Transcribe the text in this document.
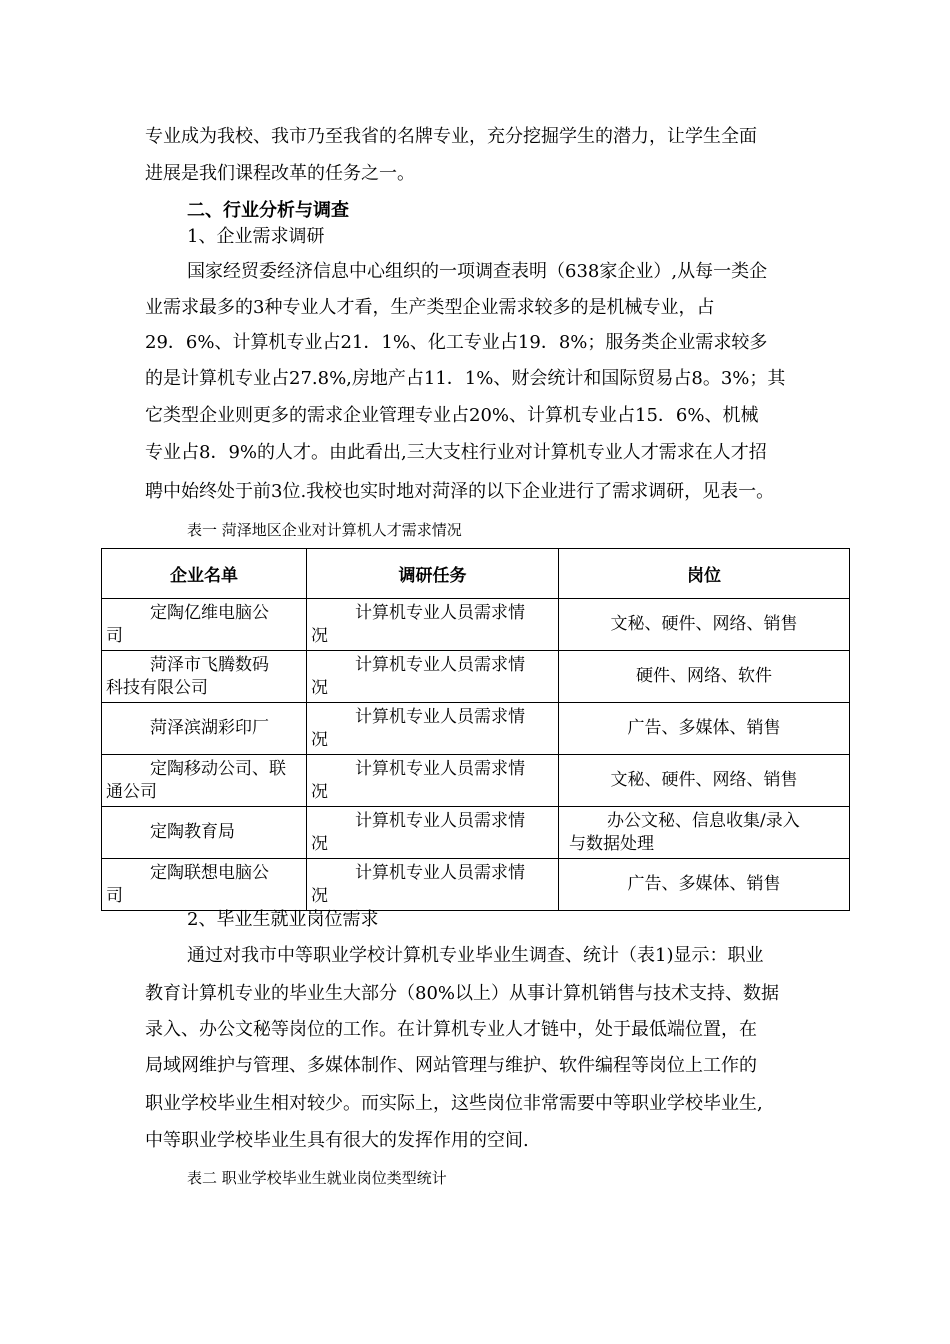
专业成为我校、我市乃至我省的名牌专业，充分挖掘学生的潜力，让学生全面
进展是我们课程改革的任务之一。
二、行业分析与调查
1、企业需求调研
国家经贸委经济信息中心组织的一项调查表明（638家企业）,从每一类企
业需求最多的3种专业人才看，生产类型企业需求较多的是机械专业，占
29．6%、计算机专业占21．1%、化工专业占19．8%；服务类企业需求较多
的是计算机专业占27.8%,房地产占11．1%、财会统计和国际贸易占8。3%；其
它类型企业则更多的需求企业管理专业占20%、计算机专业占15．6%、机械
专业占8．9%的人才。由此看出,三大支柱行业对计算机专业人才需求在人才招
聘中始终处于前3位.我校也实时地对菏泽的以下企业进行了需求调研，见表一。
表一 菏泽地区企业对计算机人才需求情况
企业名单	调研任务	岗位

定陶亿维电脑公
司	计算机专业人员需求情
况	文秘、硬件、网络、销售

菏泽市飞腾数码
科技有限公司	计算机专业人员需求情
况	硬件、网络、软件

菏泽滨湖彩印厂	计算机专业人员需求情
况	广告、多媒体、销售

定陶移动公司、联
通公司	计算机专业人员需求情
况	文秘、硬件、网络、销售

定陶教育局	计算机专业人员需求情
况	办公文秘、信息收集/录入
与数据处理

定陶联想电脑公
司	计算机专业人员需求情
况	广告、多媒体、销售
2、毕业生就业岗位需求
通过对我市中等职业学校计算机专业毕业生调查、统计（表1)显示：职业
教育计算机专业的毕业生大部分（80%以上）从事计算机销售与技术支持、数据
录入、办公文秘等岗位的工作。在计算机专业人才链中，处于最低端位置，在
局域网维护与管理、多媒体制作、网站管理与维护、软件编程等岗位上工作的
职业学校毕业生相对较少。而实际上，这些岗位非常需要中等职业学校毕业生,
中等职业学校毕业生具有很大的发挥作用的空间.
表二 职业学校毕业生就业岗位类型统计
